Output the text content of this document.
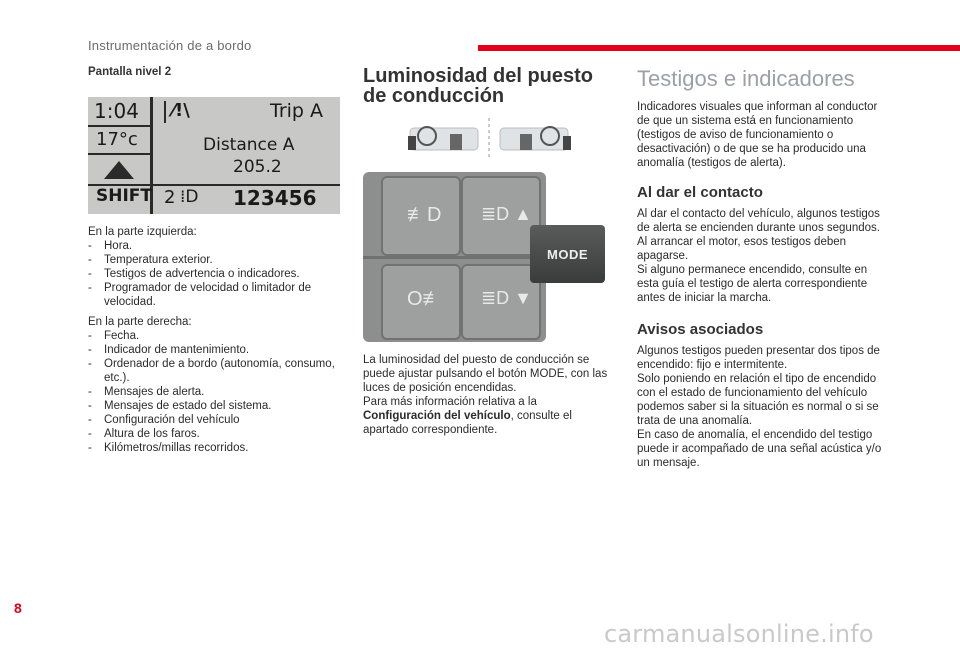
Instrumentación de a bordo
Pantalla nivel 2
1:04 ⁄!\	Trip A
17°c	Distance A
205.2
SHIFT 2 ⁞D 123456
En la parte izquierda:
- Hora.
- Temperatura exterior.
- Testigos de advertencia o indicadores.
- Programador de velocidad o limitador de velocidad.
En la parte derecha:
- Fecha.
- Indicador de mantenimiento.
- Ordenador de a bordo (autonomía, consumo, etc.).
- Mensajes de alerta.
- Mensajes de estado del sistema.
- Configuración del vehículo
- Altura de los faros.
- Kilómetros/millas recorridos.
Luminosidad del puesto de conducción
≢D ≣D ▲
O≢ ≣D ▼
MODE

La luminosidad del puesto de conducción se puede ajustar pulsando el botón MODE, con las luces de posición encendidas.

Para más información relativa a la Configuración del vehículo, consulte el apartado correspondiente.

Testigos e indicadores

Indicadores visuales que informan al conductor de que un sistema está en funcionamiento (testigos de aviso de funcionamiento o desactivación) o de que se ha producido una anomalía (testigos de alerta).

Al dar el contacto

Al dar el contacto del vehículo, algunos testigos de alerta se encienden durante unos segundos.

Al arrancar el motor, esos testigos deben apagarse.

Si alguno permanece encendido, consulte en esta guía el testigo de alerta correspondiente antes de iniciar la marcha.

Avisos asociados

Algunos testigos pueden presentar dos tipos de encendido: fijo e intermitente.

Solo poniendo en relación el tipo de encendido con el estado de funcionamiento del vehículo podemos saber si la situación es normal o si se trata de una anomalía.

En caso de anomalía, el encendido del testigo puede ir acompañado de una señal acústica y/o un mensaje.

8
carmanualsonline.info
